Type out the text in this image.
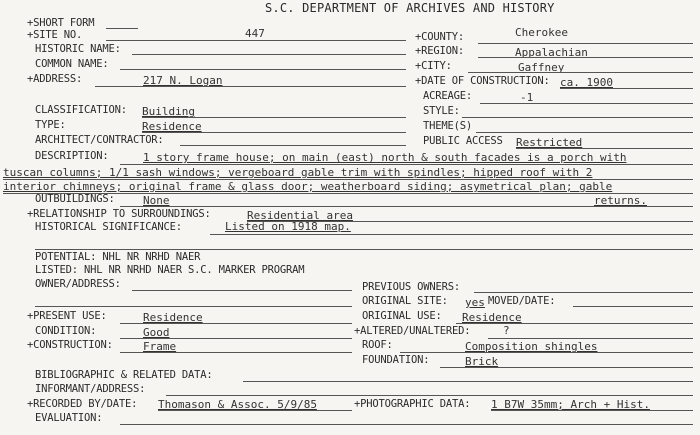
S.C. DEPARTMENT OF ARCHIVES AND HISTORY
+SHORT FORM
+SITE NO.	447	+COUNTY:	Cherokee
HISTORIC NAME:	+REGION:	Appalachian
COMMON NAME:	+CITY:	Gaffney
+ADDRESS:	217 N. Logan	+DATE OF CONSTRUCTION: ca. 1900
ACREAGE:	-1
CLASSIFICATION: Building	STYLE:
TYPE:	Residence	THEME(S)
ARCHITECT/CONTRACTOR:	PUBLIC ACCESS Restricted
DESCRIPTION:	1 story frame house; on main (east) north & south facades is a porch with
tuscan columns; 1/1 sash windows; vergeboard gable trim with spindles; hipped roof with 2
interior chimneys; original frame & glass door; weatherboard siding; asymetrical plan; gable
OUTBUILDINGS:	None	returns.
+RELATIONSHIP TO SURROUNDINGS:	Residential area
HISTORICAL SIGNIFICANCE:	Listed on 1918 map.
POTENTIAL: NHL NR NRHD NAER
LISTED: NHL NR NRHD NAER S.C. MARKER PROGRAM
OWNER/ADDRESS:	PREVIOUS OWNERS:
ORIGINAL SITE: yes MOVED/DATE:
+PRESENT USE:	Residence	ORIGINAL USE: Residence
CONDITION:	Good	+ALTERED/UNALTERED:	?
+CONSTRUCTION:	Frame	ROOF:	Composition shingles
FOUNDATION:	Brick
BIBLIOGRAPHIC & RELATED DATA:
INFORMANT/ADDRESS:
+RECORDED BY/DATE: Thomason & Assoc. 5/9/85	+PHOTOGRAPHIC DATA: 1 B7W 35mm; Arch + Hist.
EVALUATION:
